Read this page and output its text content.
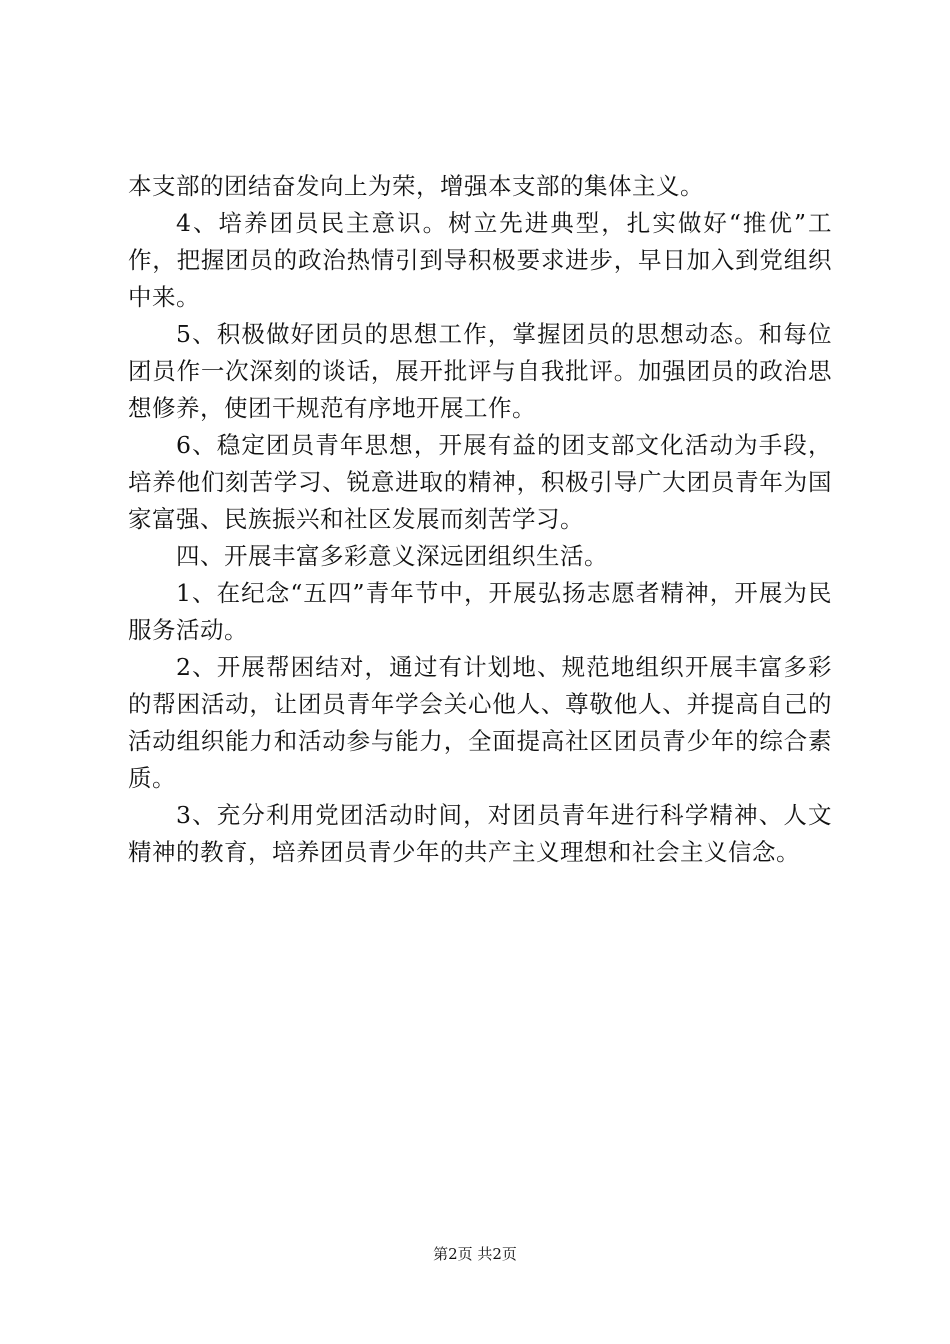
本支部的团结奋发向上为荣，增强本支部的集体主义。

4、培养团员民主意识。树立先进典型，扎实做好“推优”工作，把握团员的政治热情引到导积极要求进步，早日加入到党组织中来。

5、积极做好团员的思想工作，掌握团员的思想动态。和每位团员作一次深刻的谈话，展开批评与自我批评。加强团员的政治思想修养，使团干规范有序地开展工作。

6、稳定团员青年思想，开展有益的团支部文化活动为手段，培养他们刻苦学习、锐意进取的精神，积极引导广大团员青年为国家富强、民族振兴和社区发展而刻苦学习。

四、开展丰富多彩意义深远团组织生活。

1、在纪念“五四”青年节中，开展弘扬志愿者精神，开展为民服务活动。

2、开展帮困结对，通过有计划地、规范地组织开展丰富多彩的帮困活动，让团员青年学会关心他人、尊敬他人、并提高自己的活动组织能力和活动参与能力，全面提高社区团员青少年的综合素质。

3、充分利用党团活动时间，对团员青年进行科学精神、人文精神的教育，培养团员青少年的共产主义理想和社会主义信念。

第2页 共2页
